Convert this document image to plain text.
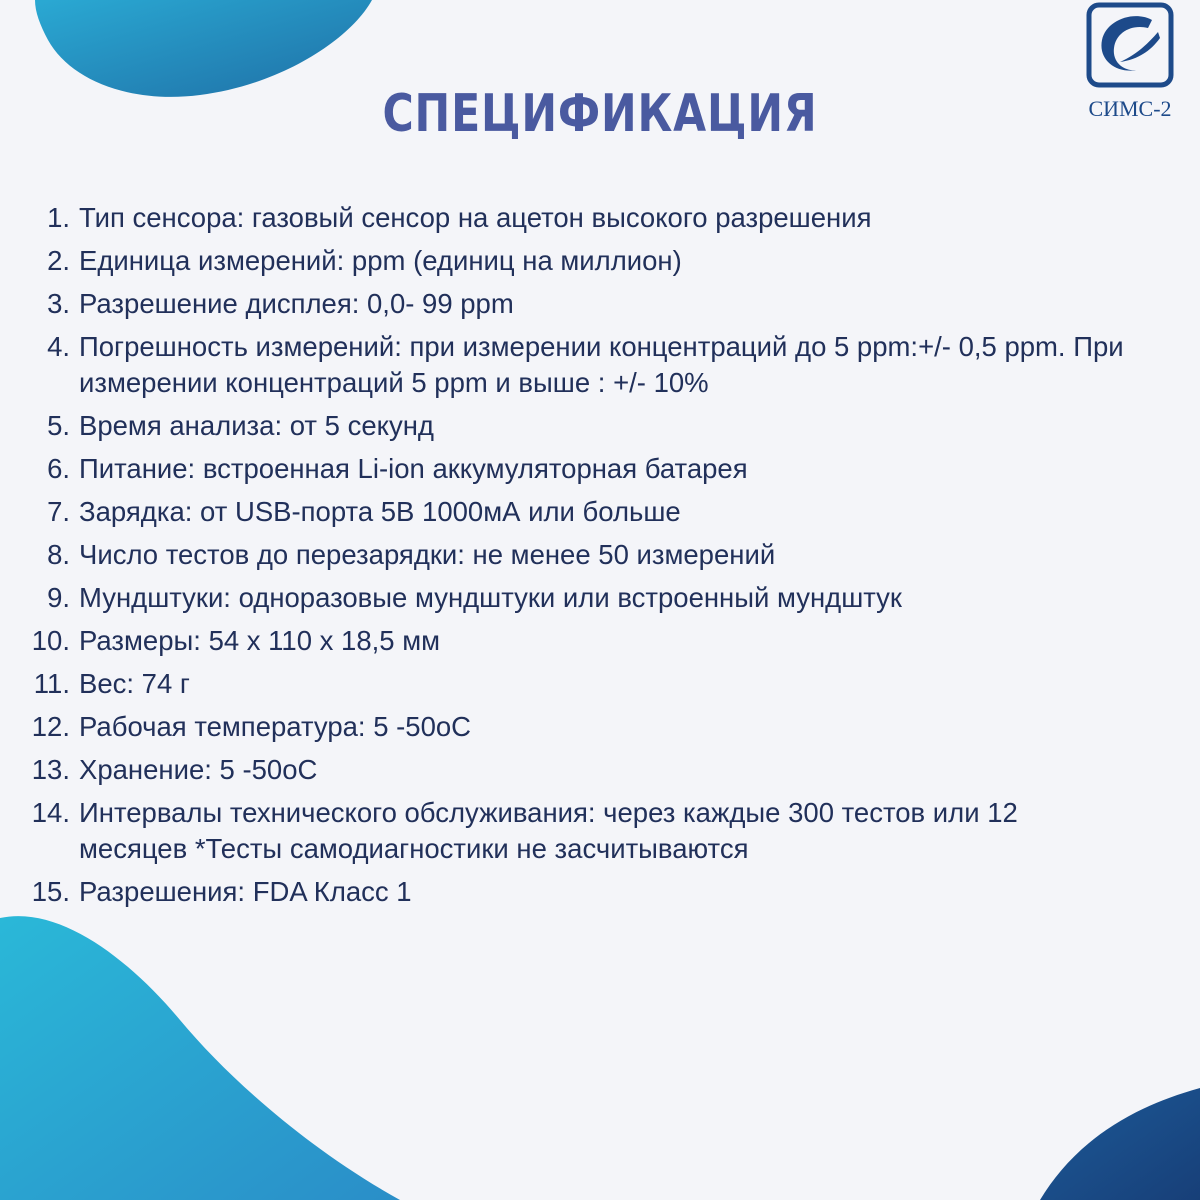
СПЕЦИФИКАЦИЯ	СИМС-2
1. Тип сенсора: газовый сенсор на ацетон высокого разрешения
2. Единица измерений: ppm (единиц на миллион)
3. Разрешение дисплея: 0,0- 99 ppm
4. Погрешность измерений: при измерении концентраций до 5 ppm:+/- 0,5 ppm. При измерении концентраций 5 ppm и выше : +/- 10%
5. Время анализа: от 5 секунд
6. Питание: встроенная Li-ion аккумуляторная батарея
7. Зарядка: от USB-порта 5В 1000мА или больше
8. Число тестов до перезарядки: не менее 50 измерений
9. Мундштуки: одноразовые мундштуки или встроенный мундштук
10. Размеры: 54 х 110 х 18,5 мм
11. Вес: 74 г
12. Рабочая температура: 5 -50оС
13. Хранение: 5 -50оС
14. Интервалы технического обслуживания: через каждые 300 тестов или 12 месяцев *Тесты самодиагностики не засчитываются
15. Разрешения: FDA Класс 1
